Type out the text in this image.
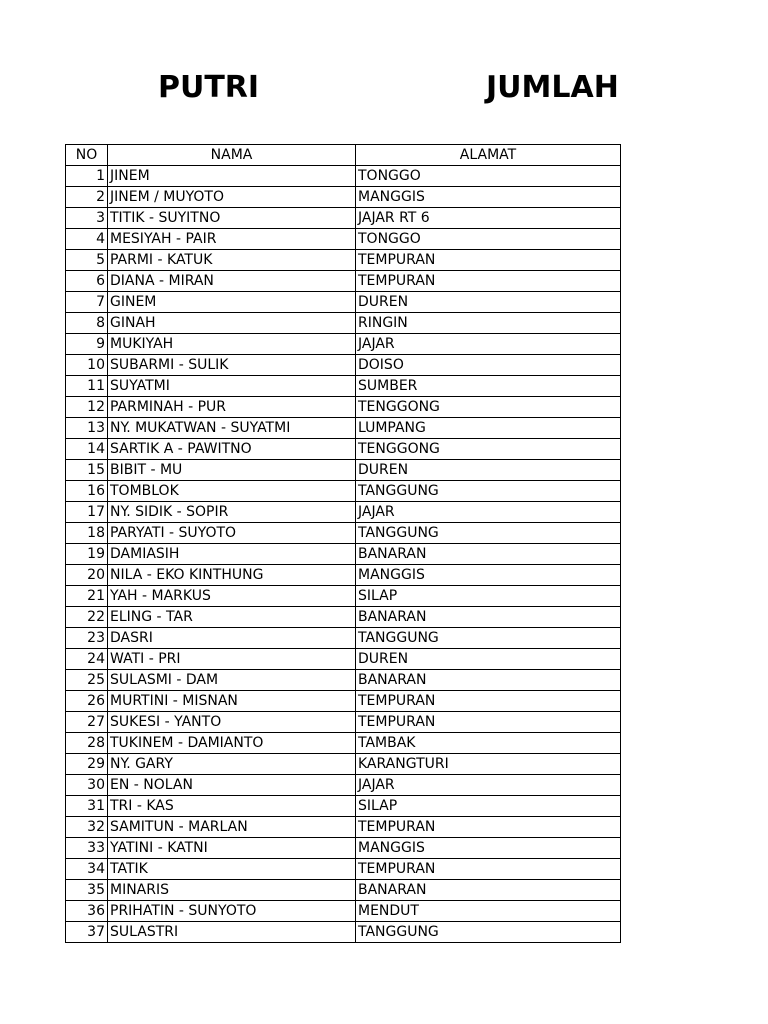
PUTRI	JUMLAH
NO	NAMA	ALAMAT
1	JINEM	TONGGO
2	JINEM / MUYOTO	MANGGIS
3	TITIK - SUYITNO	JAJAR RT 6
4	MESIYAH - PAIR	TONGGO
5	PARMI - KATUK	TEMPURAN
6	DIANA - MIRAN	TEMPURAN
7	GINEM	DUREN
8	GINAH	RINGIN
9	MUKIYAH	JAJAR
10	SUBARMI - SULIK	DOISO
11	SUYATMI	SUMBER
12	PARMINAH - PUR	TENGGONG
13	NY. MUKATWAN - SUYATMI	LUMPANG
14	SARTIK A - PAWITNO	TENGGONG
15	BIBIT - MU	DUREN
16	TOMBLOK	TANGGUNG
17	NY. SIDIK - SOPIR	JAJAR
18	PARYATI - SUYOTO	TANGGUNG
19	DAMIASIH	BANARAN
20	NILA - EKO KINTHUNG	MANGGIS
21	YAH - MARKUS	SILAP
22	ELING - TAR	BANARAN
23	DASRI	TANGGUNG
24	WATI - PRI	DUREN
25	SULASMI - DAM	BANARAN
26	MURTINI - MISNAN	TEMPURAN
27	SUKESI - YANTO	TEMPURAN
28	TUKINEM - DAMIANTO	TAMBAK
29	NY. GARY	KARANGTURI
30	EN - NOLAN	JAJAR
31	TRI - KAS	SILAP
32	SAMITUN - MARLAN	TEMPURAN
33	YATINI - KATNI	MANGGIS
34	TATIK	TEMPURAN
35	MINARIS	BANARAN
36	PRIHATIN - SUNYOTO	MENDUT
37	SULASTRI	TANGGUNG
